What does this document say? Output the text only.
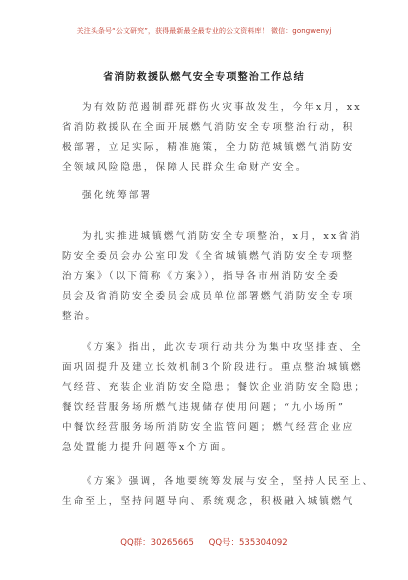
关注头条号“公文研究”，获得最新最全最专业的公文资料库！ 微信：gongwenyj
省消防救援队燃气安全专项整治工作总结
为有效防范遏制群死群伤火灾事故发生，今年x月，xx
省消防救援队在全面开展燃气消防安全专项整治行动，积
极部署，立足实际，精准施策，全力防范城镇燃气消防安
全领域风险隐患，保障人民群众生命财产安全。
强化统筹部署
为扎实推进城镇燃气消防安全专项整治，x月，xx省消
防安全委员会办公室印发《全省城镇燃气消防安全专项整
治方案》（以下简称《方案》），指导各市州消防安全委
员会及省消防安全委员会成员单位部署燃气消防安全专项
整治。
《方案》指出，此次专项行动共分为集中攻坚排查、全
面巩固提升及建立长效机制3个阶段进行。重点整治城镇燃
气经营、充装企业消防安全隐患；餐饮企业消防安全隐患；
餐饮经营服务场所燃气违规储存使用问题；“九小场所”
中餐饮经营服务场所消防安全监管问题；燃气经营企业应
急处置能力提升问题等x个方面。
《方案》强调，各地要统筹发展与安全，坚持人民至上、
生命至上，坚持问题导向、系统观念，积极融入城镇燃气
QQ群：30265665 QQ号：535304092
